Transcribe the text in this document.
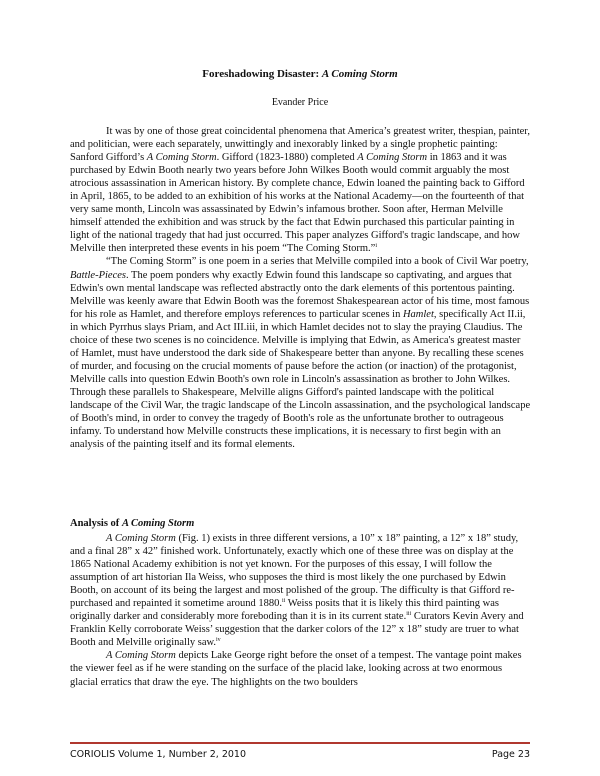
Foreshadowing Disaster: A Coming Storm
Evander Price

It was by one of those great coincidental phenomena that America’s greatest writer, thespian, painter, and politician, were each separately, unwittingly and inexorably linked by a single prophetic painting: Sanford Gifford’s A Coming Storm. Gifford (1823-1880) completed A Coming Storm in 1863 and it was purchased by Edwin Booth nearly two years before John Wilkes Booth would commit arguably the most atrocious assassination in American history. By complete chance, Edwin loaned the painting back to Gifford in April, 1865, to be added to an exhibition of his works at the National Academy—on the fourteenth of that very same month, Lincoln was assassinated by Edwin’s infamous brother. Soon after, Herman Melville himself attended the exhibition and was struck by the fact that Edwin purchased this particular painting in light of the national tragedy that had just occurred. This paper analyzes Gifford's tragic landscape, and how Melville then interpreted these events in his poem “The Coming Storm.”$^i$

“The Coming Storm” is one poem in a series that Melville compiled into a book of Civil War poetry, Battle-Pieces. The poem ponders why exactly Edwin found this landscape so captivating, and argues that Edwin's own mental landscape was reflected abstractly onto the dark elements of this portentous painting. Melville was keenly aware that Edwin Booth was the foremost Shakespearean actor of his time, most famous for his role as Hamlet, and therefore employs references to particular scenes in Hamlet, specifically Act II.ii, in which Pyrrhus slays Priam, and Act III.iii, in which Hamlet decides not to slay the praying Claudius. The choice of these two scenes is no coincidence. Melville is implying that Edwin, as America's greatest master of Hamlet, must have understood the dark side of Shakespeare better than anyone. By recalling these scenes of murder, and focusing on the crucial moments of pause before the action (or inaction) of the protagonist, Melville calls into question Edwin Booth's own role in Lincoln's assassination as brother to John Wilkes. Through these parallels to Shakespeare, Melville aligns Gifford's painted landscape with the political landscape of the Civil War, the tragic landscape of the Lincoln assassination, and the psychological landscape of Booth's mind, in order to convey the tragedy of Booth's role as the unfortunate brother to outrageous infamy. To understand how Melville constructs these implications, it is necessary to first begin with an analysis of the painting itself and its formal elements.

Analysis of A Coming Storm

A Coming Storm (Fig. 1) exists in three different versions, a 10” x 18” painting, a 12” x 18” study, and a final 28” x 42” finished work. Unfortunately, exactly which one of these three was on display at the 1865 National Academy exhibition is not yet known. For the purposes of this essay, I will follow the assumption of art historian Ila Weiss, who supposes the third is most likely the one purchased by Edwin Booth, on account of its being the largest and most polished of the group. The difficulty is that Gifford re-purchased and repainted it sometime around 1880.$^{ii}$ Weiss posits that it is likely this third painting was originally darker and considerably more foreboding than it is in its current state.$^{iii}$ Curators Kevin Avery and Franklin Kelly corroborate Weiss’ suggestion that the darker colors of the 12” x 18” study are truer to what Booth and Melville originally saw.$^{iv}$

A Coming Storm depicts Lake George right before the onset of a tempest. The vantage point makes the viewer feel as if he were standing on the surface of the placid lake, looking across at two enormous glacial erratics that draw the eye. The highlights on the two boulders

CORIOLIS Volume 1, Number 2, 2010	Page 23
